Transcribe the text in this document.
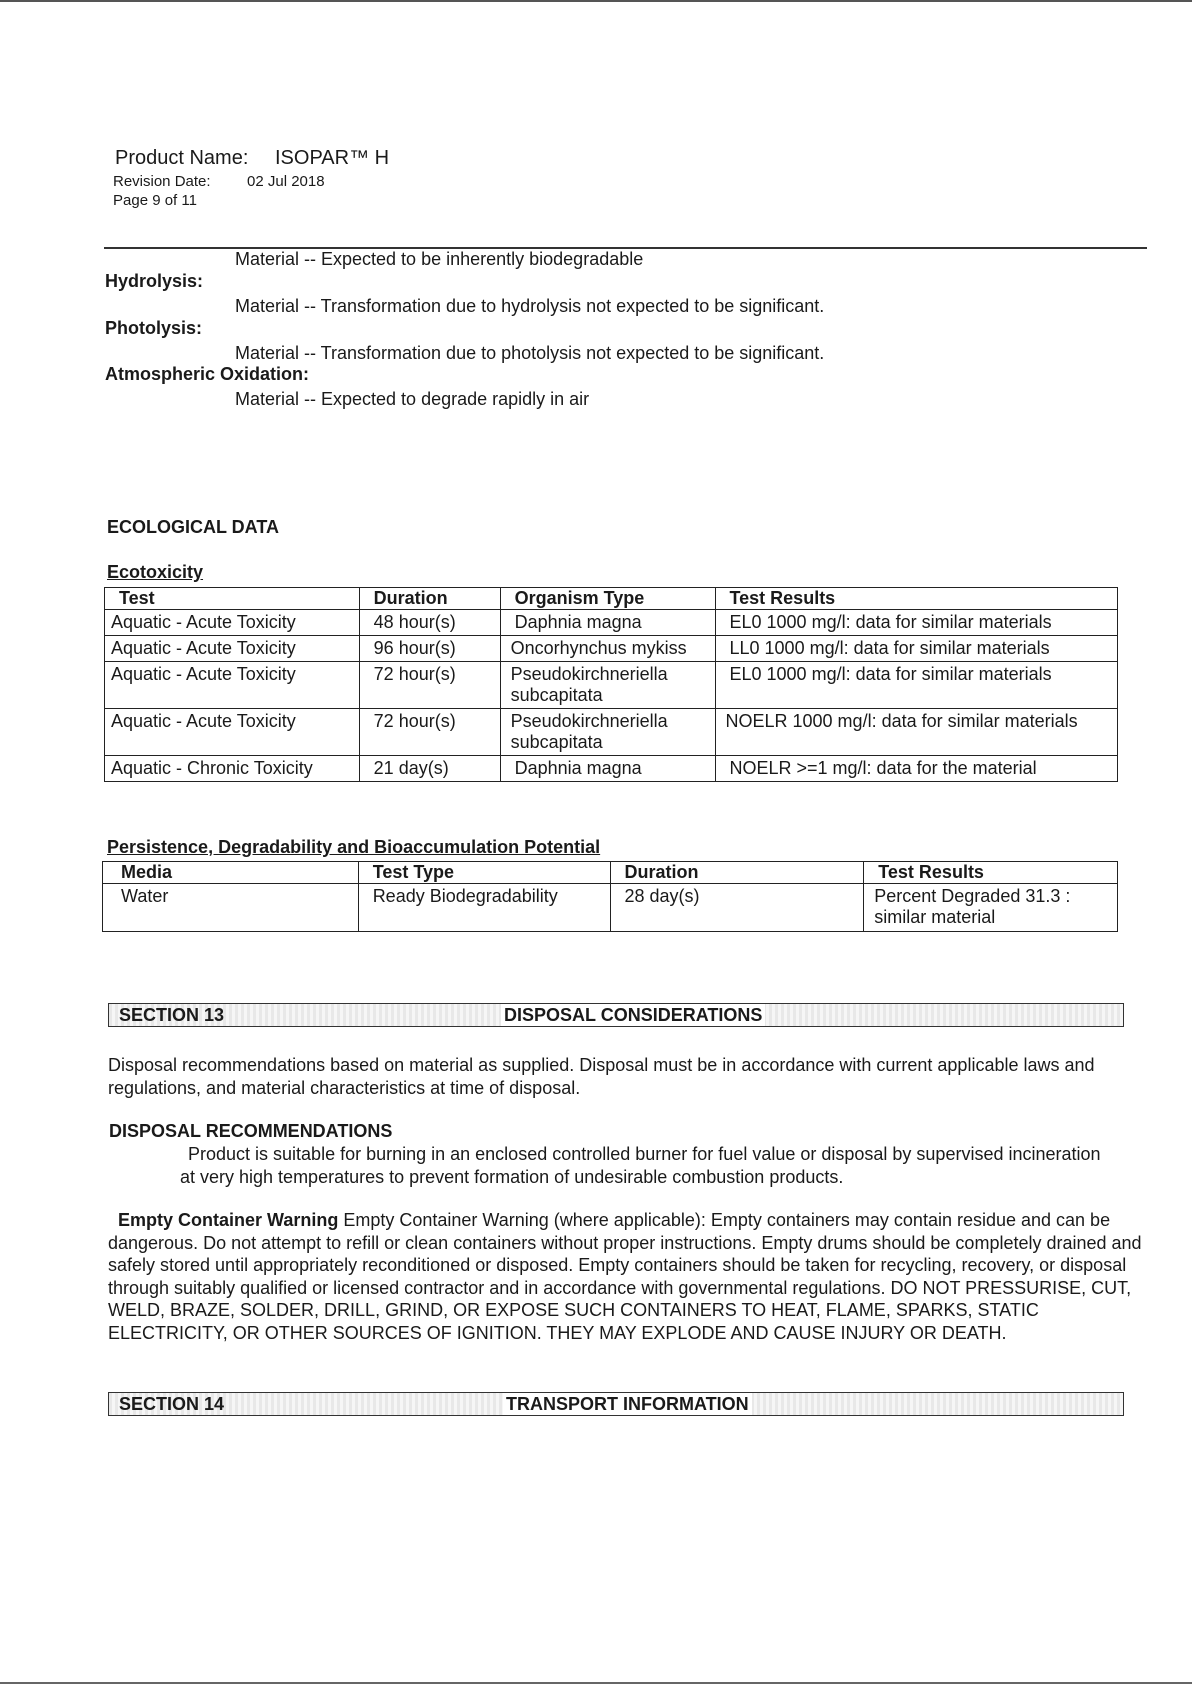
Product Name: ISOPAR™ H
Revision Date: 02 Jul 2018
Page 9 of 11
Material -- Expected to be inherently biodegradable
Hydrolysis:
Material -- Transformation due to hydrolysis not expected to be significant.
Photolysis:
Material -- Transformation due to photolysis not expected to be significant.
Atmospheric Oxidation:
Material -- Expected to degrade rapidly in air
ECOLOGICAL DATA
Ecotoxicity
Test	Duration	Organism Type	Test Results
Aquatic - Acute Toxicity	48 hour(s)	Daphnia magna	EL0 1000 mg/l: data for similar materials
Aquatic - Acute Toxicity	96 hour(s)	Oncorhynchus mykiss	LL0 1000 mg/l: data for similar materials
Aquatic - Acute Toxicity	72 hour(s)	Pseudokirchneriella subcapitata	EL0 1000 mg/l: data for similar materials
Aquatic - Acute Toxicity	72 hour(s)	Pseudokirchneriella subcapitata	NOELR 1000 mg/l: data for similar materials
Aquatic - Chronic Toxicity	21 day(s)	Daphnia magna	NOELR >=1 mg/l: data for the material
Persistence, Degradability and Bioaccumulation Potential
Media	Test Type	Duration	Test Results
Water	Ready Biodegradability	28 day(s)	Percent Degraded 31.3 : similar material
SECTION 13	DISPOSAL CONSIDERATIONS
Disposal recommendations based on material as supplied. Disposal must be in accordance with current applicable laws and regulations, and material characteristics at time of disposal.
DISPOSAL RECOMMENDATIONS
Product is suitable for burning in an enclosed controlled burner for fuel value or disposal by supervised incineration at very high temperatures to prevent formation of undesirable combustion products.
Empty Container Warning Empty Container Warning (where applicable): Empty containers may contain residue and can be dangerous. Do not attempt to refill or clean containers without proper instructions. Empty drums should be completely drained and safely stored until appropriately reconditioned or disposed. Empty containers should be taken for recycling, recovery, or disposal through suitably qualified or licensed contractor and in accordance with governmental regulations. DO NOT PRESSURISE, CUT, WELD, BRAZE, SOLDER, DRILL, GRIND, OR EXPOSE SUCH CONTAINERS TO HEAT, FLAME, SPARKS, STATIC ELECTRICITY, OR OTHER SOURCES OF IGNITION. THEY MAY EXPLODE AND CAUSE INJURY OR DEATH.
SECTION 14	TRANSPORT INFORMATION
